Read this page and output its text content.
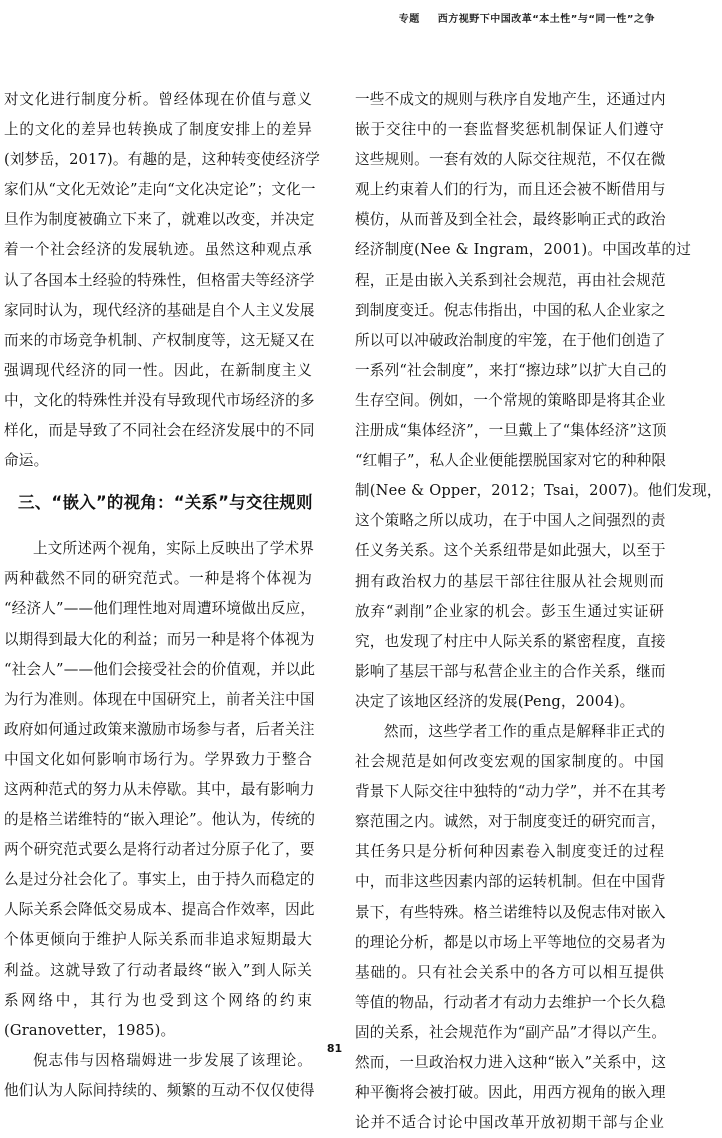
专题 西方视野下中国改革“本土性”与“同一性”之争
对文化进行制度分析。曾经体现在价值与意义
上的文化的差异也转换成了制度安排上的差异
(刘梦岳，2017)。有趣的是，这种转变使经济学
家们从“文化无效论”走向“文化决定论”；文化一
旦作为制度被确立下来了，就难以改变，并决定
着一个社会经济的发展轨迹。虽然这种观点承
认了各国本土经验的特殊性，但格雷夫等经济学
家同时认为，现代经济的基础是自个人主义发展
而来的市场竞争机制、产权制度等，这无疑又在
强调现代经济的同一性。因此，在新制度主义
中，文化的特殊性并没有导致现代市场经济的多
样化，而是导致了不同社会在经济发展中的不同
命运。
三、“嵌入”的视角：“关系”与交往规则
上文所述两个视角，实际上反映出了学术界
两种截然不同的研究范式。一种是将个体视为
“经济人”——他们理性地对周遭环境做出反应，
以期得到最大化的利益；而另一种是将个体视为
“社会人”——他们会接受社会的价值观，并以此
为行为准则。体现在中国研究上，前者关注中国
政府如何通过政策来激励市场参与者，后者关注
中国文化如何影响市场行为。学界致力于整合
这两种范式的努力从未停歇。其中，最有影响力
的是格兰诺维特的“嵌入理论”。他认为，传统的
两个研究范式要么是将行动者过分原子化了，要
么是过分社会化了。事实上，由于持久而稳定的
人际关系会降低交易成本、提高合作效率，因此
个体更倾向于维护人际关系而非追求短期最大
利益。这就导致了行动者最终“嵌入”到人际关
系网络中，其行为也受到这个网络的约束
(Granovetter，1985)。
倪志伟与因格瑞姆进一步发展了该理论。
他们认为人际间持续的、频繁的互动不仅仅使得
一些不成文的规则与秩序自发地产生，还通过内
嵌于交往中的一套监督奖惩机制保证人们遵守
这些规则。一套有效的人际交往规范，不仅在微
观上约束着人们的行为，而且还会被不断借用与
模仿，从而普及到全社会，最终影响正式的政治
经济制度(Nee & Ingram，2001)。中国改革的过
程，正是由嵌入关系到社会规范，再由社会规范
到制度变迁。倪志伟指出，中国的私人企业家之
所以可以冲破政治制度的牢笼，在于他们创造了
一系列“社会制度”，来打“擦边球”以扩大自己的
生存空间。例如，一个常规的策略即是将其企业
注册成“集体经济”，一旦戴上了“集体经济”这顶
“红帽子”，私人企业便能摆脱国家对它的种种限
制(Nee & Opper，2012；Tsai，2007)。他们发现，
这个策略之所以成功，在于中国人之间强烈的责
任义务关系。这个关系纽带是如此强大，以至于
拥有政治权力的基层干部往往服从社会规则而
放弃“剥削”企业家的机会。彭玉生通过实证研
究，也发现了村庄中人际关系的紧密程度，直接
影响了基层干部与私营企业主的合作关系，继而
决定了该地区经济的发展(Peng，2004)。
然而，这些学者工作的重点是解释非正式的
社会规范是如何改变宏观的国家制度的。中国
背景下人际交往中独特的“动力学”，并不在其考
察范围之内。诚然，对于制度变迁的研究而言，
其任务只是分析何种因素卷入制度变迁的过程
中，而非这些因素内部的运转机制。但在中国背
景下，有些特殊。格兰诺维特以及倪志伟对嵌入
的理论分析，都是以市场上平等地位的交易者为
基础的。只有社会关系中的各方可以相互提供
等值的物品，行动者才有动力去维护一个长久稳
固的关系，社会规范作为“副产品”才得以产生。
然而，一旦政治权力进入这种“嵌入”关系中，这
种平衡将会被打破。因此，用西方视角的嵌入理
论并不适合讨论中国改革开放初期干部与企业
81
